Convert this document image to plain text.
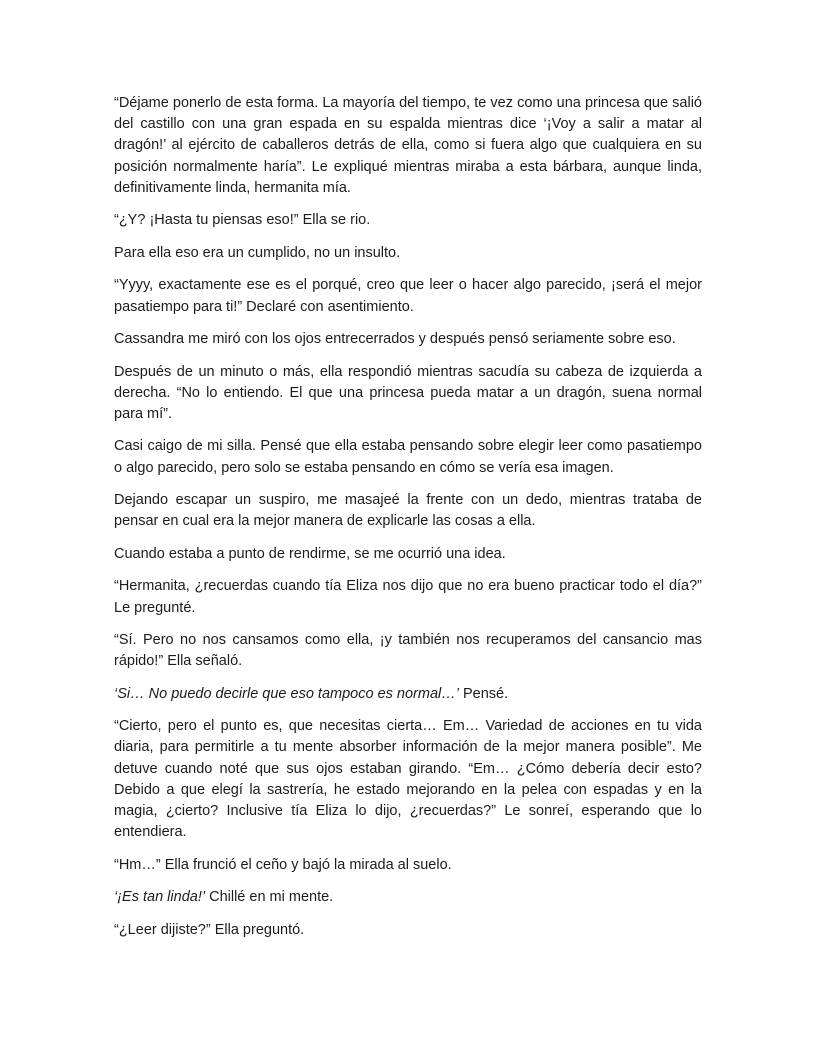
“Déjame ponerlo de esta forma. La mayoría del tiempo, te vez como una princesa que salió del castillo con una gran espada en su espalda mientras dice ‘¡Voy a salir a matar al dragón!’ al ejército de caballeros detrás de ella, como si fuera algo que cualquiera en su posición normalmente haría”. Le expliqué mientras miraba a esta bárbara, aunque linda, definitivamente linda, hermanita mía.

“¿Y? ¡Hasta tu piensas eso!” Ella se rio.

Para ella eso era un cumplido, no un insulto.

“Yyyy, exactamente ese es el porqué, creo que leer o hacer algo parecido, ¡será el mejor pasatiempo para ti!” Declaré con asentimiento.

Cassandra me miró con los ojos entrecerrados y después pensó seriamente sobre eso.

Después de un minuto o más, ella respondió mientras sacudía su cabeza de izquierda a derecha. “No lo entiendo. El que una princesa pueda matar a un dragón, suena normal para mí”.

Casi caigo de mi silla. Pensé que ella estaba pensando sobre elegir leer como pasatiempo o algo parecido, pero solo se estaba pensando en cómo se vería esa imagen.

Dejando escapar un suspiro, me masajeé la frente con un dedo, mientras trataba de pensar en cual era la mejor manera de explicarle las cosas a ella.

Cuando estaba a punto de rendirme, se me ocurrió una idea.

“Hermanita, ¿recuerdas cuando tía Eliza nos dijo que no era bueno practicar todo el día?” Le pregunté.

“Sí. Pero no nos cansamos como ella, ¡y también nos recuperamos del cansancio mas rápido!” Ella señaló.

‘Si… No puedo decirle que eso tampoco es normal…’ Pensé.

“Cierto, pero el punto es, que necesitas cierta… Em… Variedad de acciones en tu vida diaria, para permitirle a tu mente absorber información de la mejor manera posible”. Me detuve cuando noté que sus ojos estaban girando. “Em… ¿Cómo debería decir esto? Debido a que elegí la sastrería, he estado mejorando en la pelea con espadas y en la magia, ¿cierto? Inclusive tía Eliza lo dijo, ¿recuerdas?” Le sonreí, esperando que lo entendiera.

“Hm…” Ella frunció el ceño y bajó la mirada al suelo.

‘¡Es tan linda!’ Chillé en mi mente.

“¿Leer dijiste?” Ella preguntó.
